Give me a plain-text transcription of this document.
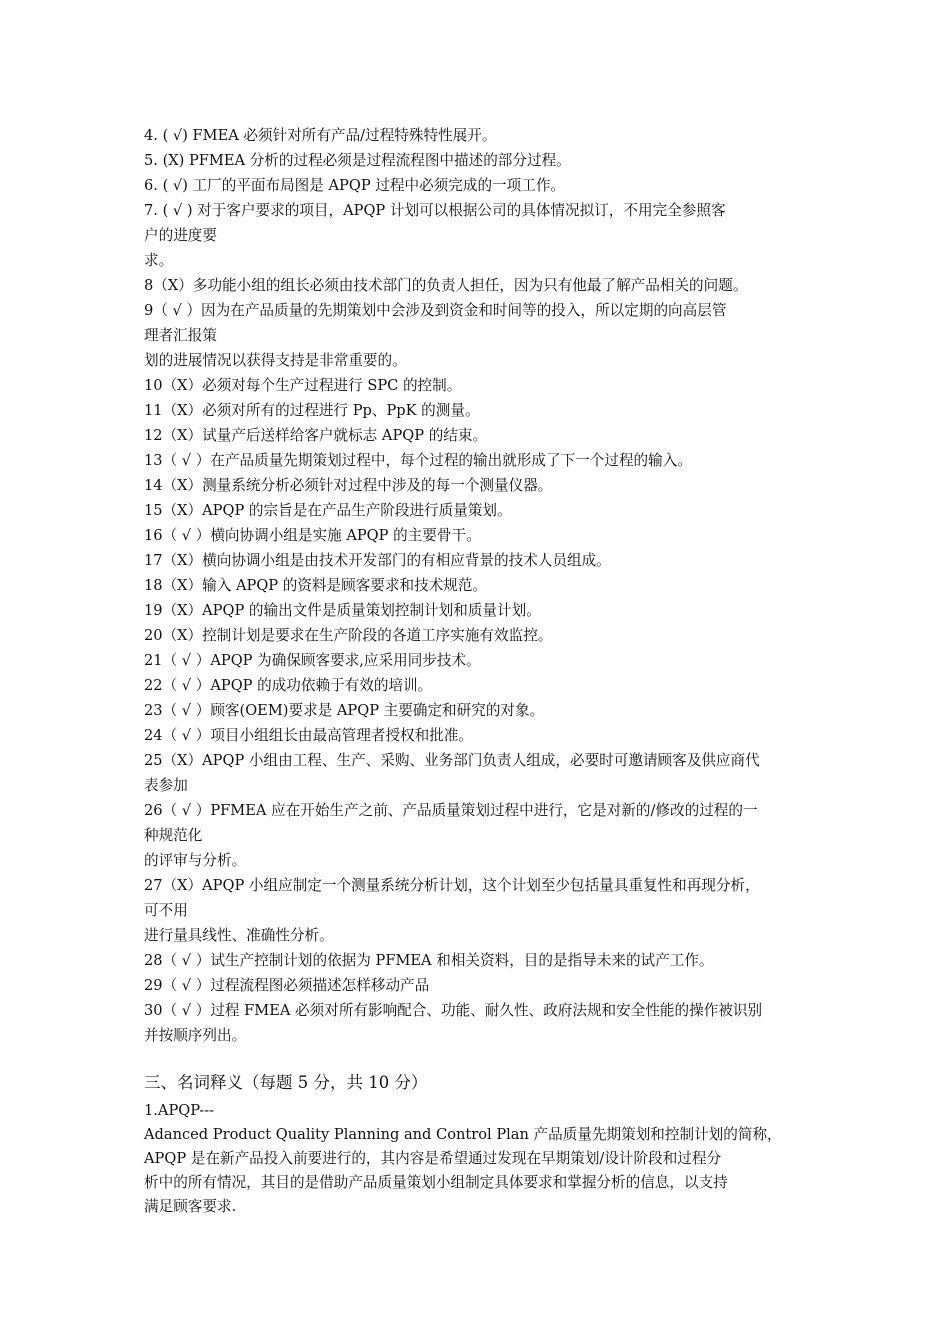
4. ( √) FMEA 必须针对所有产品/过程特殊特性展开。
5. (X) PFMEA 分析的过程必须是过程流程图中描述的部分过程。
6. ( √) 工厂的平面布局图是 APQP 过程中必须完成的一项工作。
7. ( √ ) 对于客户要求的项目，APQP 计划可以根据公司的具体情况拟订，不用完全参照客
户的进度要
求。
8（X）多功能小组的组长必须由技术部门的负责人担任，因为只有他最了解产品相关的问题。
9（ √ ）因为在产品质量的先期策划中会涉及到资金和时间等的投入，所以定期的向高层管
理者汇报策
划的进展情况以获得支持是非常重要的。
10（X）必须对每个生产过程进行 SPC 的控制。
11（X）必须对所有的过程进行 Pp、PpK 的测量。
12（X）试量产后送样给客户就标志 APQP 的结束。
13（ √ ）在产品质量先期策划过程中，每个过程的输出就形成了下一个过程的输入。
14（X）测量系统分析必须针对过程中涉及的每一个测量仪器。
15（X）APQP 的宗旨是在产品生产阶段进行质量策划。
16（ √ ）横向协调小组是实施 APQP 的主要骨干。
17（X）横向协调小组是由技术开发部门的有相应背景的技术人员组成。
18（X）输入 APQP 的资料是顾客要求和技术规范。
19（X）APQP 的输出文件是质量策划控制计划和质量计划。
20（X）控制计划是要求在生产阶段的各道工序实施有效监控。
21（ √ ）APQP 为确保顾客要求,应采用同步技术。
22（ √ ）APQP 的成功依赖于有效的培训。
23（ √ ）顾客(OEM)要求是 APQP 主要确定和研究的对象。
24（ √ ）项目小组组长由最高管理者授权和批准。
25（X）APQP 小组由工程、生产、采购、业务部门负责人组成，必要时可邀请顾客及供应商代
表参加
26（ √ ）PFMEA 应在开始生产之前、产品质量策划过程中进行，它是对新的/修改的过程的一
种规范化
的评审与分析。
27（X）APQP 小组应制定一个测量系统分析计划，这个计划至少包括量具重复性和再现分析，
可不用
进行量具线性、准确性分析。
28（ √ ）试生产控制计划的依据为 PFMEA 和相关资料，目的是指导未来的试产工作。
29（ √ ）过程流程图必须描述怎样移动产品
30（ √ ）过程 FMEA 必须对所有影响配合、功能、耐久性、政府法规和安全性能的操作被识别
并按顺序列出。
三、名词释义（每题 5 分，共 10 分）
1.APQP---
Adanced Product Quality Planning and Control Plan 产品质量先期策划和控制计划的简称，
APQP 是在新产品投入前要进行的，其内容是希望通过发现在早期策划/设计阶段和过程分
析中的所有情况，其目的是借助产品质量策划小组制定具体要求和掌握分析的信息，以支持
满足顾客要求.
